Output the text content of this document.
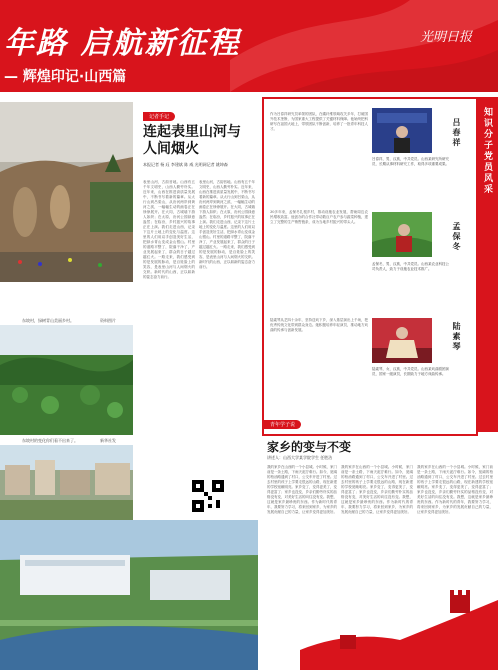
年路 启航新征程
— 辉煌印记·山西篇
光明日报
东坡村，绿树青山美丽乡村。	资料图片
东坡村的变化你们看不出来了。	新华社发
记者手记
连起表里山河与人间烟火
本报记者 杨 珏 李建斌 陈 威 光明网记者 姚坤森
表里山河，古韵晋地。山西有五千年文明史，山西人勤劳朴实。近年来，山西在推进高质量发展中，不断书写着新的篇章。从太行山到吕梁山，从汾河两岸到黄河之滨，一幅幅生动的画卷正在徐徐展开。在大同，古城墙下游人如织；在太原，汾河公园绿意盎然；在临汾，乡村振兴的故事正在上演。我们走进山西，记录下这片土地上的变化与温度。这里的人们用双手创造美好生活，把绿水青山变成金山银山。村里的道路平整了，院落干净了，产业发展起来了，群众的日子越过越红火。一路走来，我们感受到的是发展的脉动，是百姓脸上的笑容，是表里山河与人间烟火的交织。新时代的山西，正以崭新的姿态奋力前行。
表里山河，古韵晋地。山西有五千年文明史，山西人勤劳朴实。近年来，山西在推进高质量发展中，不断书写着新的篇章。从太行山到吕梁山，从汾河两岸到黄河之滨，一幅幅生动的画卷正在徐徐展开。在大同，古城墙下游人如织；在太原，汾河公园绿意盎然；在临汾，乡村振兴的故事正在上演。我们走进山西，记录下这片土地上的变化与温度。这里的人们用双手创造美好生活，把绿水青山变成金山银山。村里的道路平整了，院落干净了，产业发展起来了，群众的日子越过越红火。一路走来，我们感受到的是发展的脉动，是百姓脸上的笑容，是表里山河与人间烟火的交织。新时代的山西，正以崭新的姿态奋力前行。
知识分子党员风采
作为吕春祥研究员率领的团队，在碳纤维领域攻关多年，打破国外技术垄断，为国家重大工程提供了关键材料保障。他始终把科研写在祖国大地上，带领团队不断创新，培养了一批青年科技人才。	吕春祥
吕春祥，男，汉族，中共党员。山西某研究所研究员，长期从事材料研究工作，取得多项重要成果。
30多年来，孟保冬扎根乡村，推动设施农业发展，帮助周边农民增收致富。他创办的合作社带动数百户农户参与蔬菜种植，建立了完整的生产销售链条，成为当地乡村振兴的带头人。	孟保冬
孟保冬，男，汉族，中共党员。山西某农业科技公司负责人，致力于设施农业技术推广。
陆素琴从艺四十余年，坚持送戏下乡，深入基层演出上千场，把优秀传统文化带到群众身边。她积极培养年轻演员，推动地方戏曲的传承与创新发展。	陆素琴
陆素琴，女，汉族，中共党员。山西某戏曲剧团演员，国家一级演员，长期致力于地方戏曲传承。
青年学子说
家乡的变与不变
讲述人：山西大学某学院学生 任胜洁
我的家乡在山西的一个小县城。小时候，家门前是一条土路，下雨天泥泞难行。如今，宽阔的柏油路通到了村口，公交车开进了村里。过去村里的孩子上学要走很远的山路，现在新建的学校宽敞明亮。家乡变了，变得更美了，变得更富了；家乡也没变，乡亲们勤劳朴实的品格没有变，对美好生活的向往没有变。我想，这就是家乡最珍贵的东西。作为新时代的青年，我要努力学习，将来回到家乡，为家乡的发展贡献自己的力量，让家乡变得更加美好。
我的家乡在山西的一个小县城。小时候，家门前是一条土路，下雨天泥泞难行。如今，宽阔的柏油路通到了村口，公交车开进了村里。过去村里的孩子上学要走很远的山路，现在新建的学校宽敞明亮。家乡变了，变得更美了，变得更富了；家乡也没变，乡亲们勤劳朴实的品格没有变，对美好生活的向往没有变。我想，这就是家乡最珍贵的东西。作为新时代的青年，我要努力学习，将来回到家乡，为家乡的发展贡献自己的力量，让家乡变得更加美好。
我的家乡在山西的一个小县城。小时候，家门前是一条土路，下雨天泥泞难行。如今，宽阔的柏油路通到了村口，公交车开进了村里。过去村里的孩子上学要走很远的山路，现在新建的学校宽敞明亮。家乡变了，变得更美了，变得更富了；家乡也没变，乡亲们勤劳朴实的品格没有变，对美好生活的向往没有变。我想，这就是家乡最珍贵的东西。作为新时代的青年，我要努力学习，将来回到家乡，为家乡的发展贡献自己的力量，让家乡变得更加美好。
